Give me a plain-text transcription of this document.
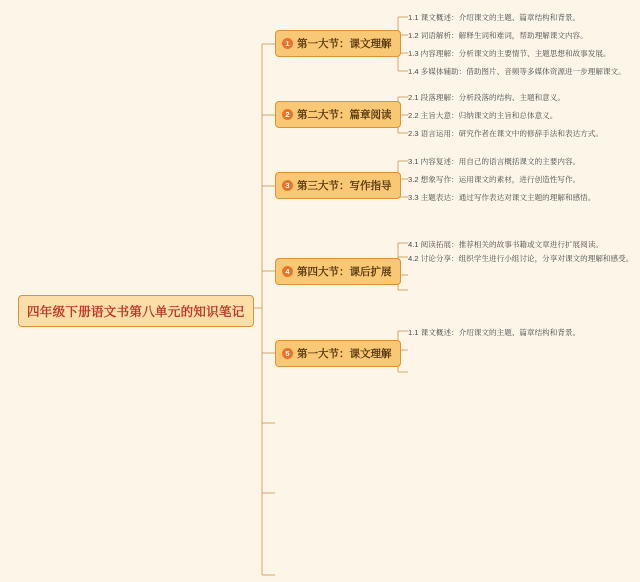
四年级下册语文书第八单元的知识笔记
1 第一大节：课文理解
1.1 课文概述：介绍课文的主题、篇章结构和背景。
1.2 词语解析：解释生词和难词，帮助理解课文内容。
1.3 内容理解：分析课文的主要情节、主题思想和故事发展。
1.4 多媒体辅助：借助图片、音频等多媒体资源进一步理解课文。
2 第二大节：篇章阅读
2.1 段落理解：分析段落的结构、主题和意义。
2.2 主旨大意：归纳课文的主旨和总体意义。
2.3 语言运用：研究作者在课文中的修辞手法和表达方式。
3 第三大节：写作指导
3.1 内容复述：用自己的语言概括课文的主要内容。
3.2 想象写作：运用课文的素材，进行创造性写作。
3.3 主题表达：通过写作表达对课文主题的理解和感悟。
4 第四大节：课后扩展
4.1 阅读拓展：推荐相关的故事书籍或文章进行扩展阅读。
4.2 讨论分享：组织学生进行小组讨论，分享对课文的理解和感受。
5 第一大节：课文理解
1.1 课文概述：介绍课文的主题、篇章结构和背景。
